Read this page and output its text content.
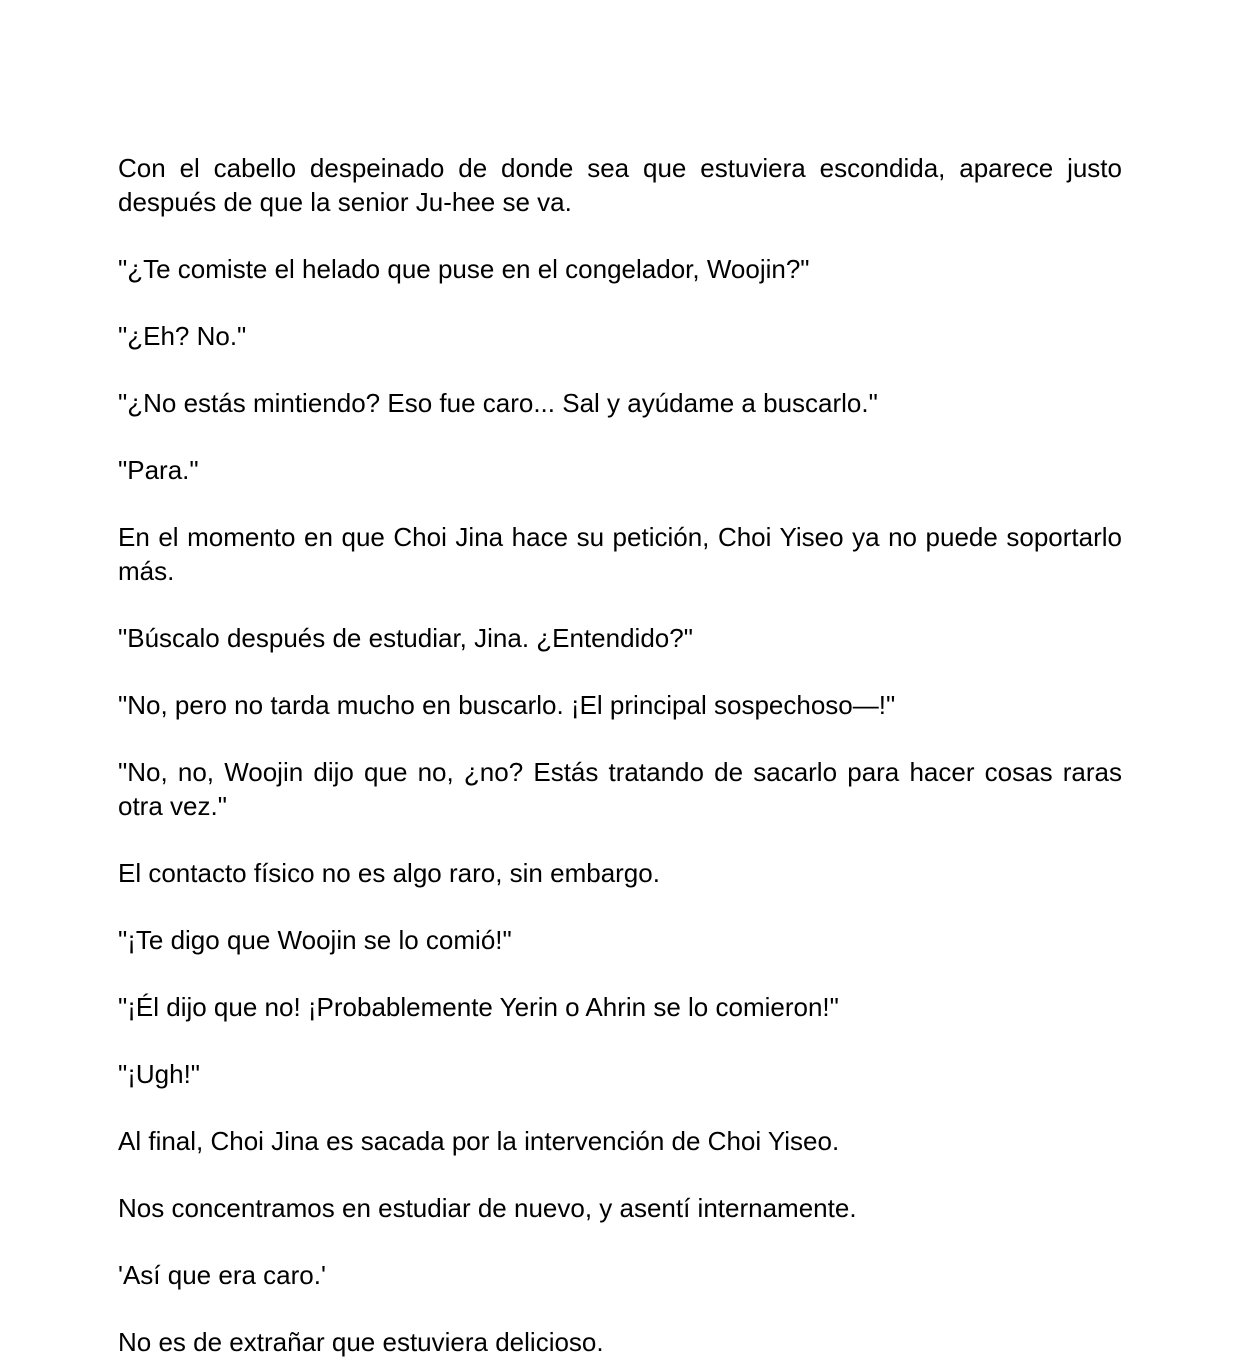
Con el cabello despeinado de donde sea que estuviera escondida, aparece justo después de que la senior Ju-hee se va.

"¿Te comiste el helado que puse en el congelador, Woojin?"

"¿Eh? No."

"¿No estás mintiendo? Eso fue caro... Sal y ayúdame a buscarlo."

"Para."

En el momento en que Choi Jina hace su petición, Choi Yiseo ya no puede soportarlo más.

"Búscalo después de estudiar, Jina. ¿Entendido?"

"No, pero no tarda mucho en buscarlo. ¡El principal sospechoso—!"

"No, no, Woojin dijo que no, ¿no? Estás tratando de sacarlo para hacer cosas raras otra vez."

El contacto físico no es algo raro, sin embargo.

"¡Te digo que Woojin se lo comió!"

"¡Él dijo que no! ¡Probablemente Yerin o Ahrin se lo comieron!"

"¡Ugh!"

Al final, Choi Jina es sacada por la intervención de Choi Yiseo.

Nos concentramos en estudiar de nuevo, y asentí internamente.

'Así que era caro.'

No es de extrañar que estuviera delicioso.
